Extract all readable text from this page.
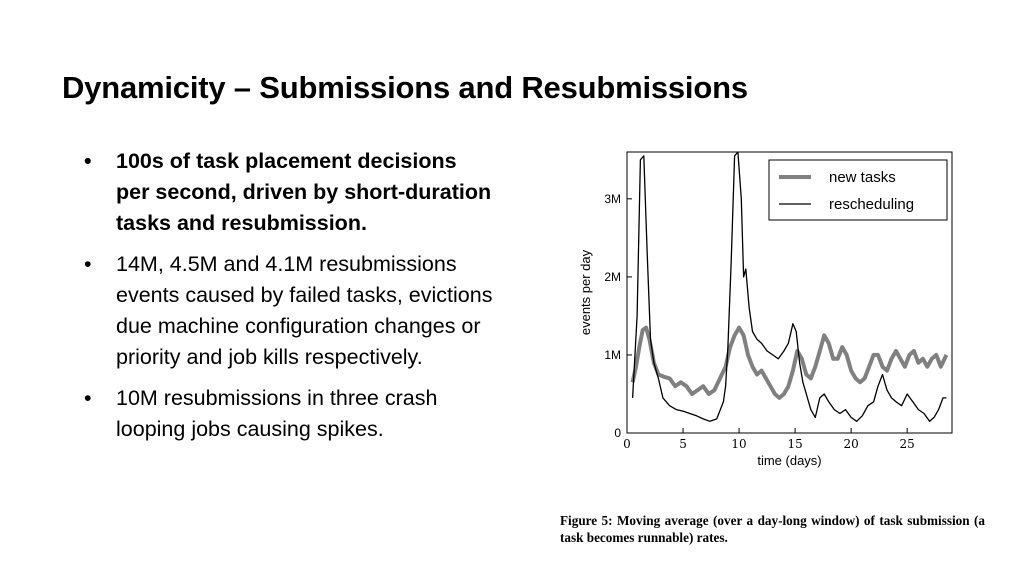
Dynamicity – Submissions and Resubmissions
• 100s of task placement decisions per second, driven by short-duration tasks and resubmission.
• 14M, 4.5M and 4.1M resubmissions events caused by failed tasks, evictions due machine configuration changes or priority and job kills respectively.
• 10M resubmissions in three crash looping jobs causing spikes.
0	5	10	15	20	25
0
1M
2M
3M
time (days)
events per day
new tasks
rescheduling
Figure 5: Moving average (over a day-long window) of task submission (a task becomes runnable) rates.
